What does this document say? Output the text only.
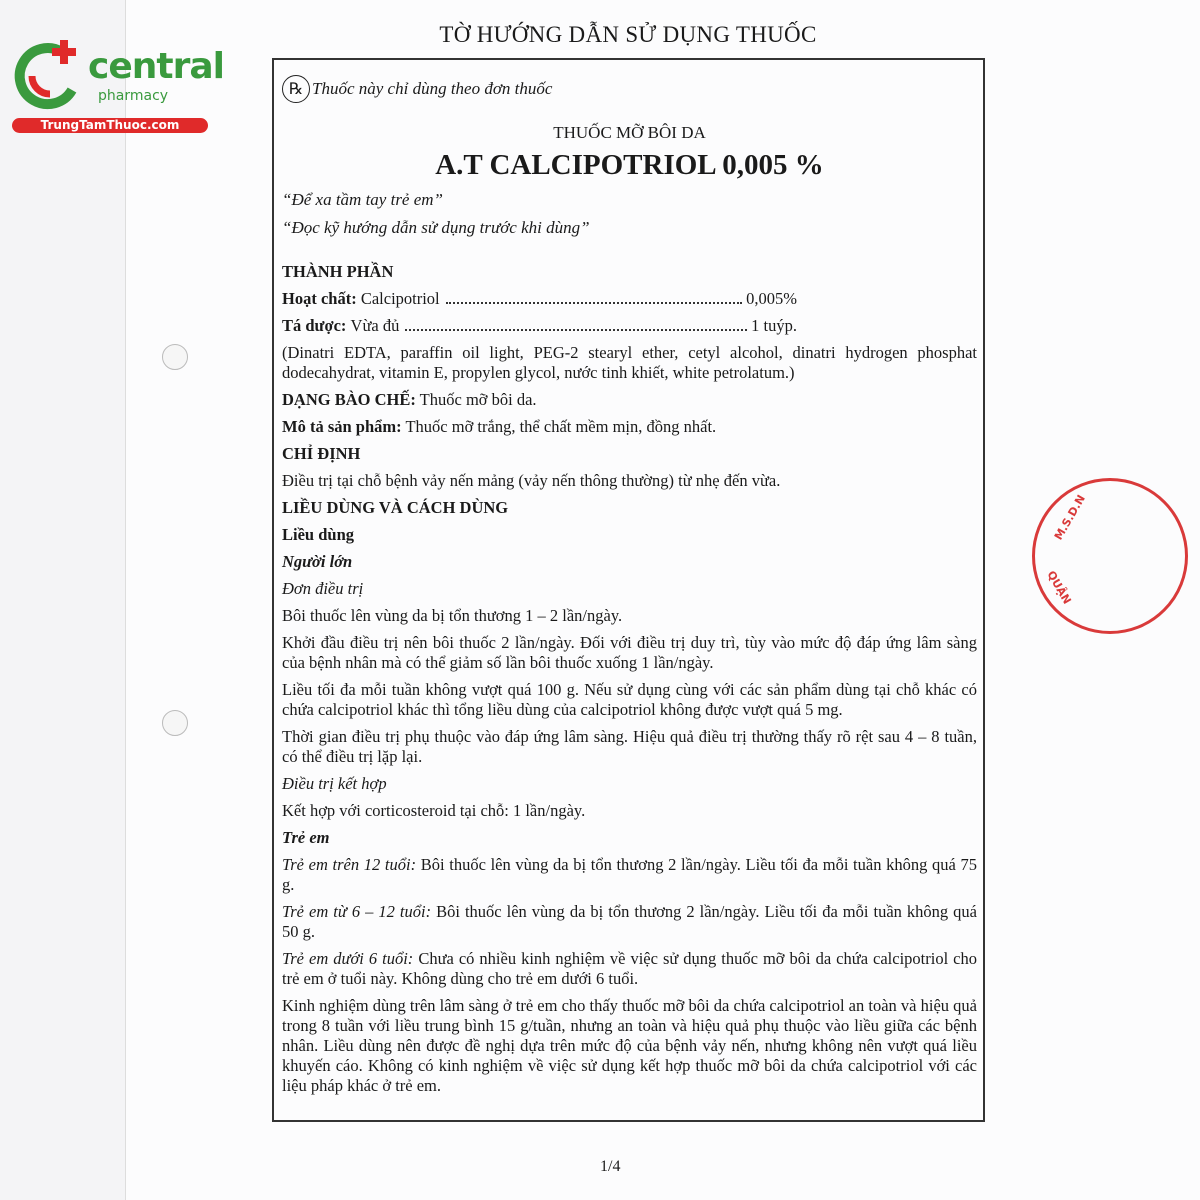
central
pharmacy
TrungTamThuoc.com
M.S.D.N
QUẬN
TỜ HƯỚNG DẪN SỬ DỤNG THUỐC
℞ Thuốc này chỉ dùng theo đơn thuốc
THUỐC MỠ BÔI DA
A.T CALCIPOTRIOL 0,005 %
“Để xa tầm tay trẻ em”
“Đọc kỹ hướng dẫn sử dụng trước khi dùng”

THÀNH PHẦN

Hoạt chất:
Calcipotriol	0,005%

Tá dược:
Vừa đủ	1 tuýp.

(Dinatri EDTA, paraffin oil light, PEG-2 stearyl ether, cetyl alcohol, dinatri hydrogen phosphat dodecahydrat, vitamin E, propylen glycol, nước tinh khiết, white petrolatum.)

DẠNG BÀO CHẾ: Thuốc mỡ bôi da.

Mô tả sản phẩm: Thuốc mỡ trắng, thể chất mềm mịn, đồng nhất.

CHỈ ĐỊNH

Điều trị tại chỗ bệnh vảy nến mảng (vảy nến thông thường) từ nhẹ đến vừa.

LIỀU DÙNG VÀ CÁCH DÙNG

Liều dùng

Người lớn

Đơn điều trị

Bôi thuốc lên vùng da bị tổn thương 1 – 2 lần/ngày.

Khởi đầu điều trị nên bôi thuốc 2 lần/ngày. Đối với điều trị duy trì, tùy vào mức độ đáp ứng lâm sàng của bệnh nhân mà có thể giảm số lần bôi thuốc xuống 1 lần/ngày.

Liều tối đa mỗi tuần không vượt quá 100 g. Nếu sử dụng cùng với các sản phẩm dùng tại chỗ khác có chứa calcipotriol khác thì tổng liều dùng của calcipotriol không được vượt quá 5 mg.

Thời gian điều trị phụ thuộc vào đáp ứng lâm sàng. Hiệu quả điều trị thường thấy rõ rệt sau 4 – 8 tuần, có thể điều trị lặp lại.

Điều trị kết hợp

Kết hợp với corticosteroid tại chỗ: 1 lần/ngày.

Trẻ em

Trẻ em trên 12 tuổi: Bôi thuốc lên vùng da bị tổn thương 2 lần/ngày. Liều tối đa mỗi tuần không quá 75 g.

Trẻ em từ 6 – 12 tuổi: Bôi thuốc lên vùng da bị tổn thương 2 lần/ngày. Liều tối đa mỗi tuần không quá 50 g.

Trẻ em dưới 6 tuổi: Chưa có nhiều kinh nghiệm về việc sử dụng thuốc mỡ bôi da chứa calcipotriol cho trẻ em ở tuổi này. Không dùng cho trẻ em dưới 6 tuổi.

Kinh nghiệm dùng trên lâm sàng ở trẻ em cho thấy thuốc mỡ bôi da chứa calcipotriol an toàn và hiệu quả trong 8 tuần với liều trung bình 15 g/tuần, nhưng an toàn và hiệu quả phụ thuộc vào liều giữa các bệnh nhân. Liều dùng nên được đề nghị dựa trên mức độ của bệnh vảy nến, nhưng không nên vượt quá liều khuyến cáo. Không có kinh nghiệm về việc sử dụng kết hợp thuốc mỡ bôi da chứa calcipotriol với các liệu pháp khác ở trẻ em.

1/4
